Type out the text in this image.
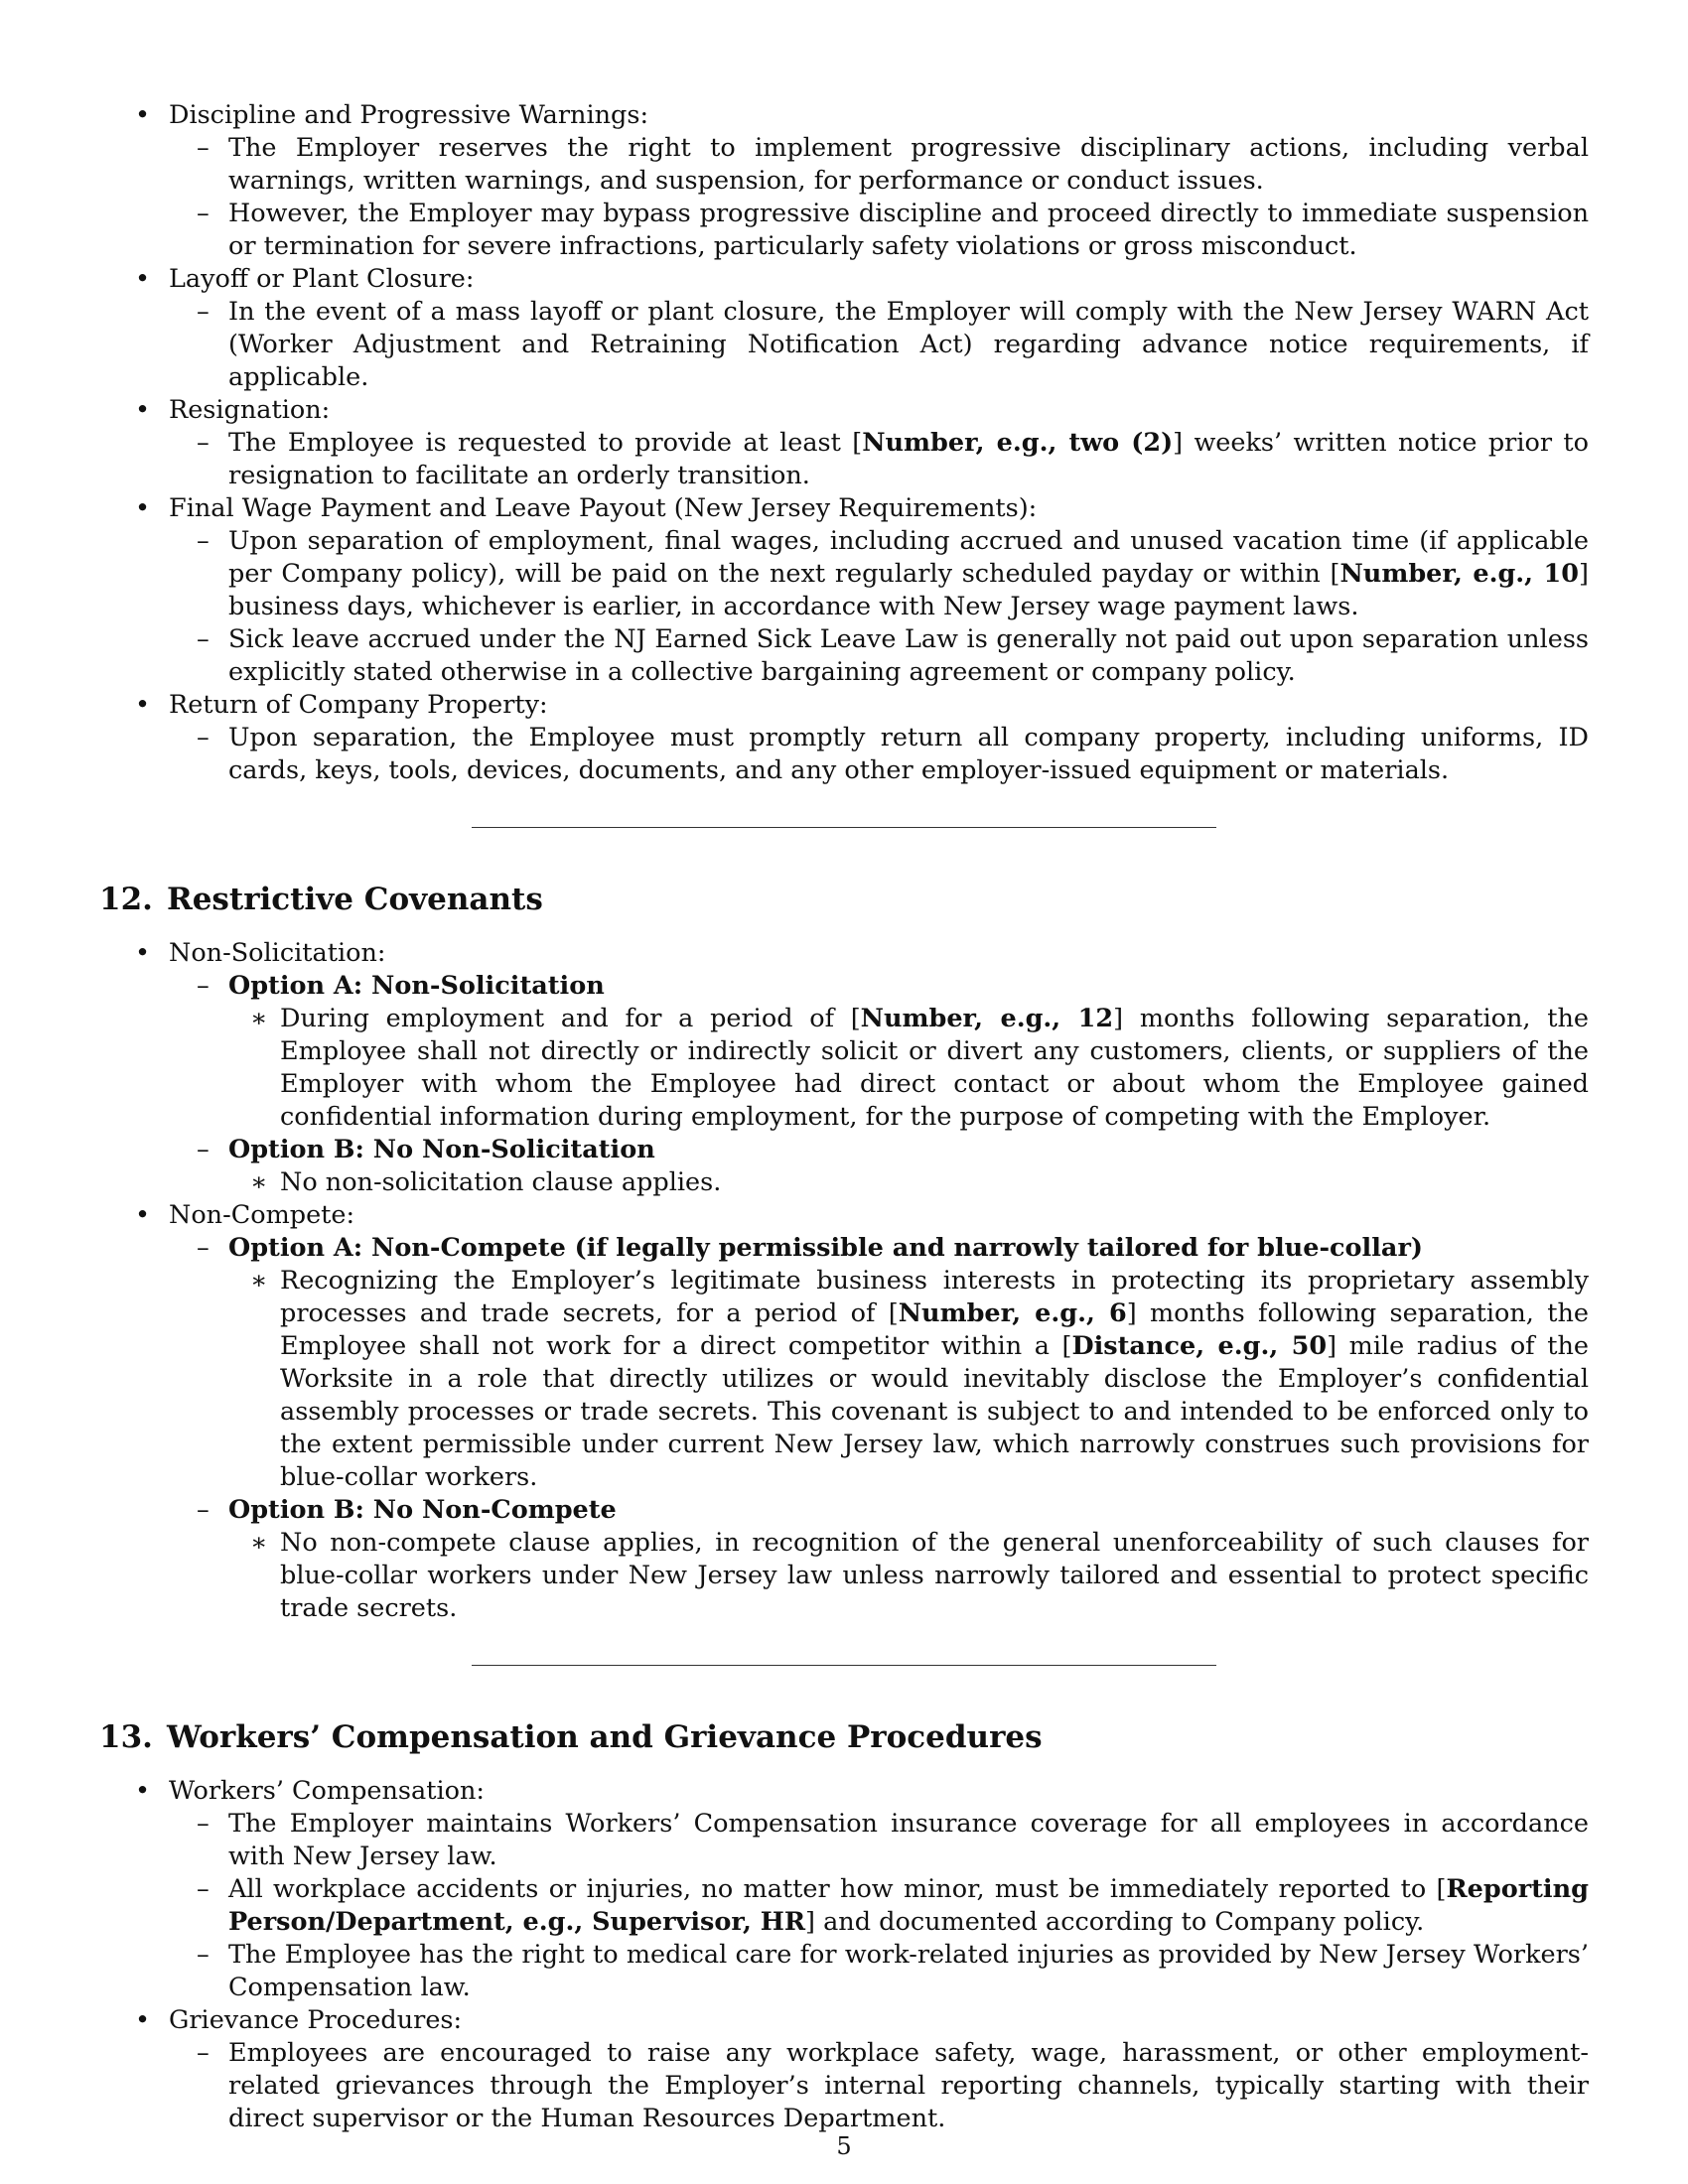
• Discipline and Progressive Warnings:
– The Employer reserves the right to implement progressive disciplinary actions, including verbal warnings, written warnings, and suspension, for performance or conduct issues.
– However, the Employer may bypass progressive discipline and proceed directly to immediate suspension or termination for severe infractions, particularly safety violations or gross misconduct.
• Layoff or Plant Closure:
– In the event of a mass layoff or plant closure, the Employer will comply with the New Jersey WARN Act (Worker Adjustment and Retraining Notification Act) regarding advance notice requirements, if applicable.
• Resignation:
– The Employee is requested to provide at least [Number, e.g., two (2)] weeks’ written notice prior to resignation to facilitate an orderly transition.
• Final Wage Payment and Leave Payout (New Jersey Requirements):
– Upon separation of employment, final wages, including accrued and unused vacation time (if applicable per Company policy), will be paid on the next regularly scheduled payday or within [Number, e.g., 10] business days, whichever is earlier, in accordance with New Jersey wage payment laws.
– Sick leave accrued under the NJ Earned Sick Leave Law is generally not paid out upon separation unless explicitly stated otherwise in a collective bargaining agreement or company policy.
• Return of Company Property:
– Upon separation, the Employee must promptly return all company property, including uniforms, ID cards, keys, tools, devices, documents, and any other employer-issued equipment or materials.
12. Restrictive Covenants
• Non-Solicitation:
– Option A: Non-Solicitation
∗ During employment and for a period of [Number, e.g., 12] months following separation, the Employee shall not directly or indirectly solicit or divert any customers, clients, or suppliers of the Employer with whom the Employee had direct contact or about whom the Employee gained confidential information during employment, for the purpose of competing with the Employer.
– Option B: No Non-Solicitation
∗ No non-solicitation clause applies.
• Non-Compete:
– Option A: Non-Compete (if legally permissible and narrowly tailored for blue-collar)
∗ Recognizing the Employer’s legitimate business interests in protecting its proprietary assembly processes and trade secrets, for a period of [Number, e.g., 6] months following separation, the Employee shall not work for a direct competitor within a [Distance, e.g., 50] mile radius of the Worksite in a role that directly utilizes or would inevitably disclose the Employer’s confidential assembly processes or trade secrets. This covenant is subject to and intended to be enforced only to the extent permissible under current New Jersey law, which narrowly construes such provisions for blue-collar workers.
– Option B: No Non-Compete
∗ No non-compete clause applies, in recognition of the general unenforceability of such clauses for blue-collar workers under New Jersey law unless narrowly tailored and essential to protect specific trade secrets.
13. Workers’ Compensation and Grievance Procedures
• Workers’ Compensation:
– The Employer maintains Workers’ Compensation insurance coverage for all employees in accordance with New Jersey law.
– All workplace accidents or injuries, no matter how minor, must be immediately reported to [Reporting Person/Department, e.g., Supervisor, HR] and documented according to Company policy.
– The Employee has the right to medical care for work-related injuries as provided by New Jersey Workers’ Compensation law.
• Grievance Procedures:
– Employees are encouraged to raise any workplace safety, wage, harassment, or other employment-related grievances through the Employer’s internal reporting channels, typically starting with their direct supervisor or the Human Resources Department.
5
